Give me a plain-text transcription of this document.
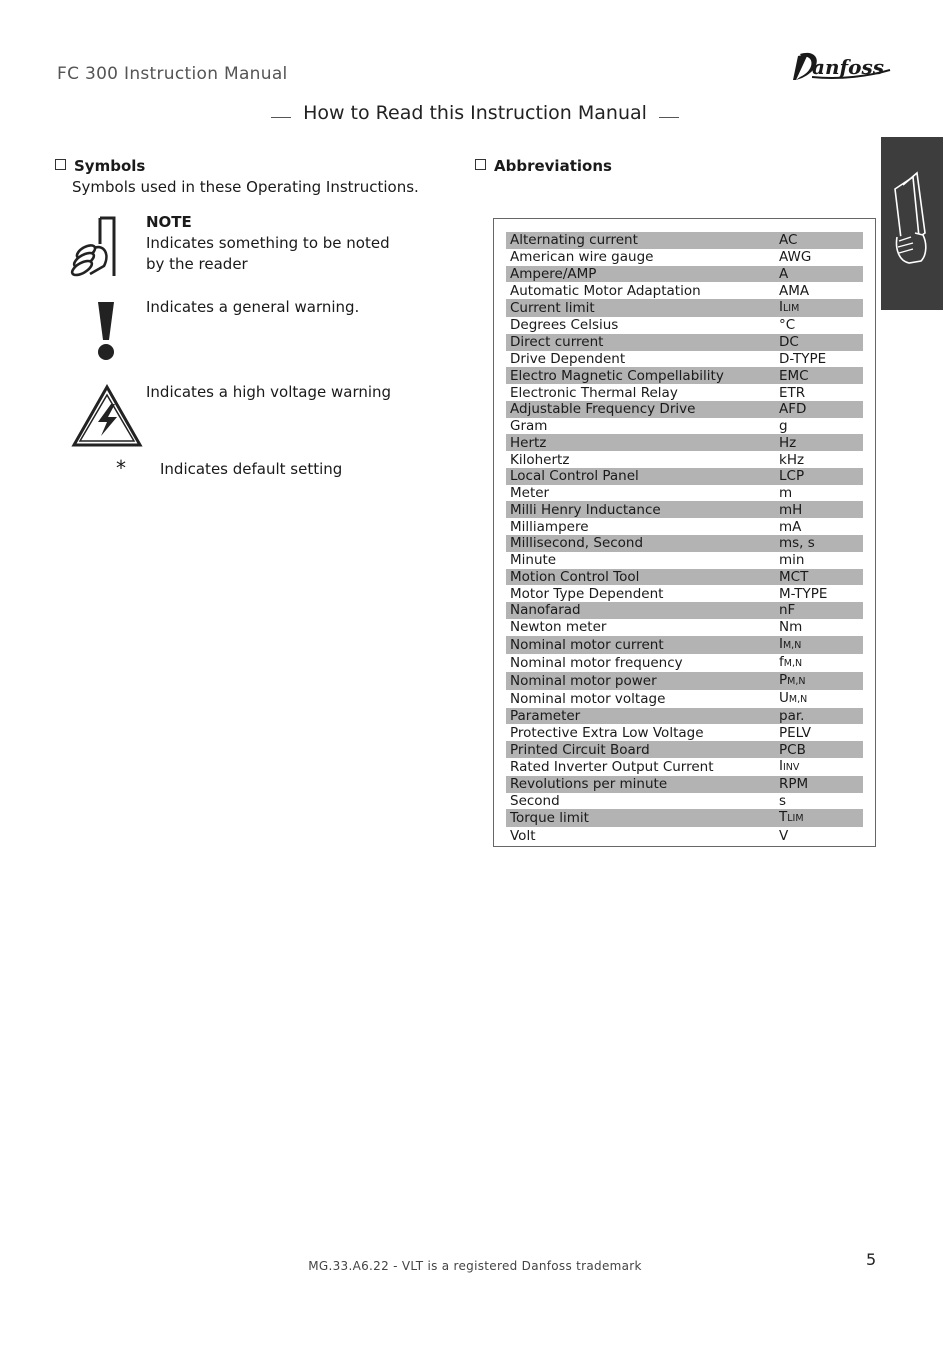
FC 300 Instruction Manual	anfoss
How to Read this Instruction Manual
Symbols
Symbols used in these Operating Instructions.
NOTE
Indicates something to be noted
by the reader
Indicates a general warning.
Indicates a high voltage warning
* Indicates default setting
Abbreviations
Alternating current	AC
American wire gauge	AWG
Ampere/AMP	A
Automatic Motor Adaptation	AMA
Current limit	ILIM
Degrees Celsius	°C
Direct current	DC
Drive Dependent	D-TYPE
Electro Magnetic Compellability	EMC
Electronic Thermal Relay	ETR
Adjustable Frequency Drive	AFD
Gram	g
Hertz	Hz
Kilohertz	kHz
Local Control Panel	LCP
Meter	m
Milli Henry Inductance	mH
Milliampere	mA
Millisecond, Second	ms, s
Minute	min
Motion Control Tool	MCT
Motor Type Dependent	M-TYPE
Nanofarad	nF
Newton meter	Nm
Nominal motor current	IM,N
Nominal motor frequency	fM,N
Nominal motor power	PM,N
Nominal motor voltage	UM,N
Parameter	par.
Protective Extra Low Voltage	PELV
Printed Circuit Board	PCB
Rated Inverter Output Current	IINV
Revolutions per minute	RPM
Second	s
Torque limit	TLIM
Volt	V
MG.33.A6.22 - VLT is a registered Danfoss trademark	5
